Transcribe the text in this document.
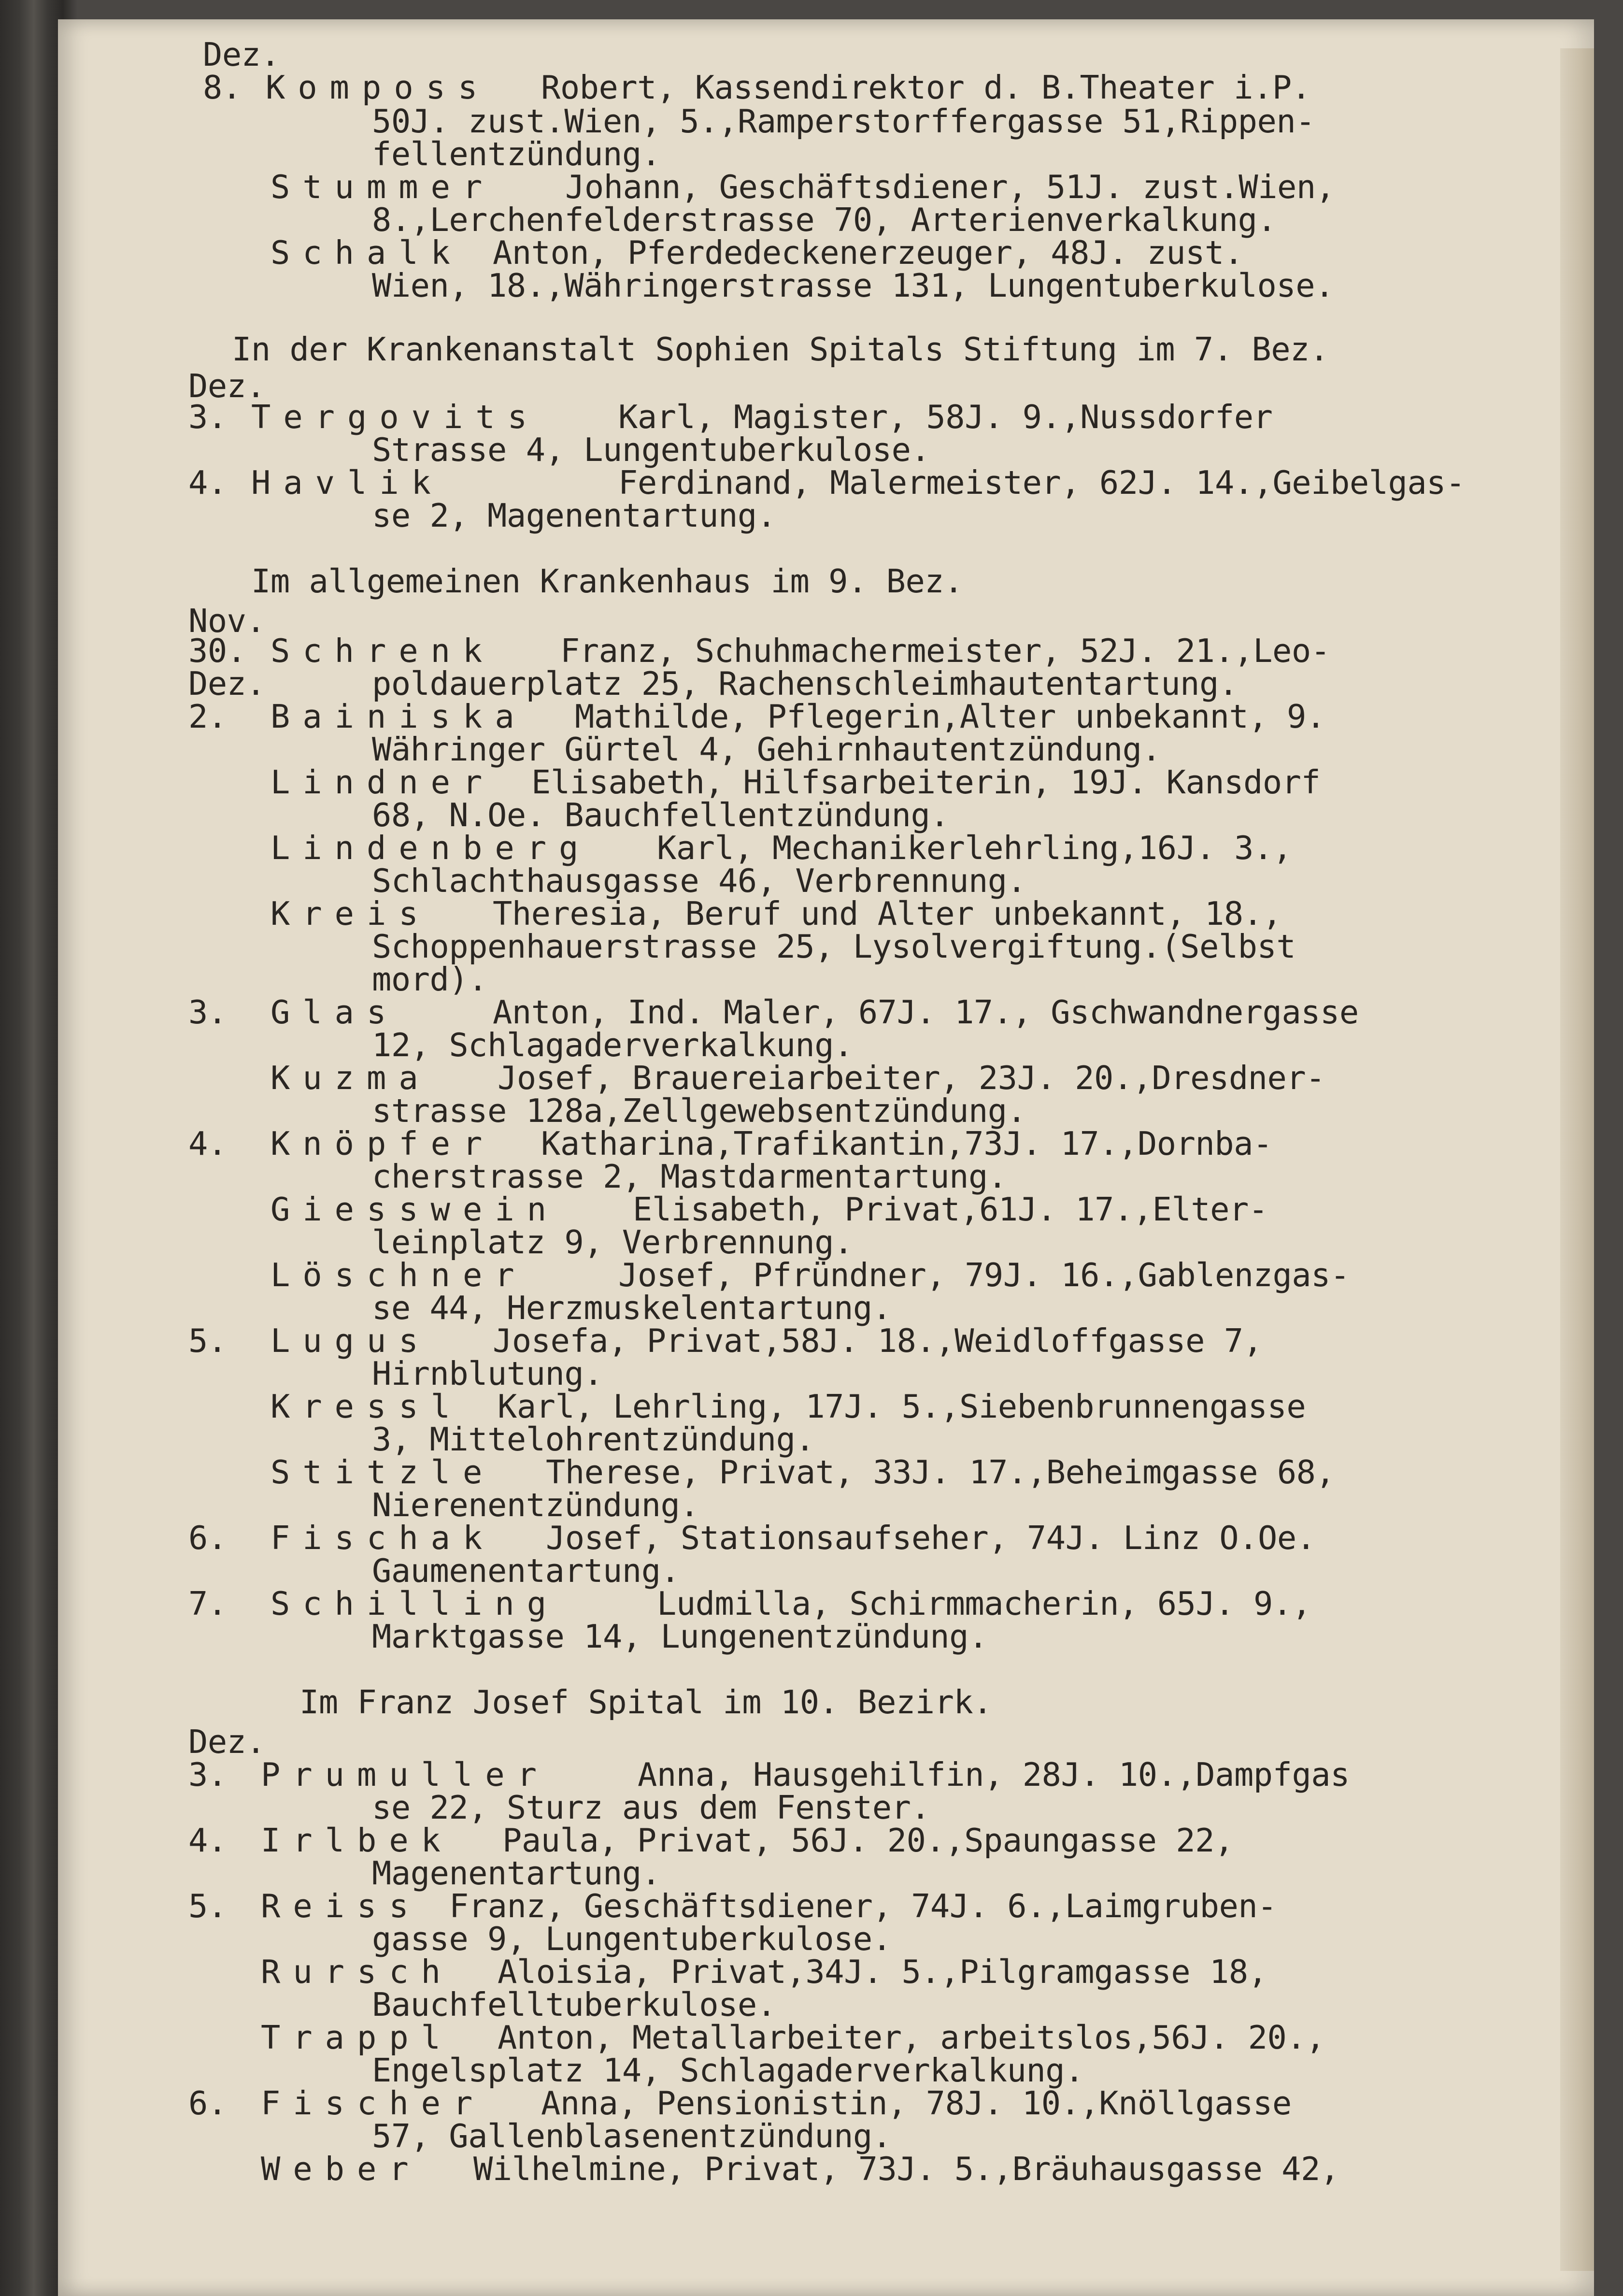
Dez.
8. Komposs Robert, Kassendirektor d. B.Theater i.P.
50J. zust.Wien, 5.,Ramperstorffergasse 51,Rippen-
fellentzündung.
Stummer Johann, Geschäftsdiener, 51J. zust.Wien,
8.,Lerchenfelderstrasse 70, Arterienverkalkung.
Schalk Anton, Pferdedeckenerzeuger, 48J. zust.
Wien, 18.,Währingerstrasse 131, Lungentuberkulose.
In der Krankenanstalt Sophien Spitals Stiftung im 7. Bez.
Dez.
3. Tergovits Karl, Magister, 58J. 9.,Nussdorfer
Strasse 4, Lungentuberkulose.
4. Havlik	Ferdinand, Malermeister, 62J. 14.,Geibelgas-
se 2, Magenentartung.
Im allgemeinen Krankenhaus im 9. Bez.
Nov.
30. Schrenk Franz, Schuhmachermeister, 52J. 21.,Leo-
Dez.	poldauerplatz 25, Rachenschleimhautentartung.
2. Bainiska Mathilde, Pflegerin,Alter unbekannt, 9.
Währinger Gürtel 4, Gehirnhautentzündung.
Lindner Elisabeth, Hilfsarbeiterin, 19J. Kansdorf
68, N.Oe. Bauchfellentzündung.
Lindenberg Karl, Mechanikerlehrling,16J. 3.,
Schlachthausgasse 46, Verbrennung.
Kreis Theresia, Beruf und Alter unbekannt, 18.,
Schoppenhauerstrasse 25, Lysolvergiftung.(Selbst
mord).
3. Glas	Anton, Ind. Maler, 67J. 17., Gschwandnergasse
12, Schlagaderverkalkung.
Kuzma Josef, Brauereiarbeiter, 23J. 20.,Dresdner-
strasse 128a,Zellgewebsentzündung.
4. Knöpfer Katharina,Trafikantin,73J. 17.,Dornba-
cherstrasse 2, Mastdarmentartung.
Giesswein Elisabeth, Privat,61J. 17.,Elter-
leinplatz 9, Verbrennung.
Löschner	Josef, Pfründner, 79J. 16.,Gablenzgas-
se 44, Herzmuskelentartung.
5. Lugus Josefa, Privat,58J. 18.,Weidloffgasse 7,
Hirnblutung.
Kressl Karl, Lehrling, 17J. 5.,Siebenbrunnengasse
3, Mittelohrentzündung.
Stitzle Therese, Privat, 33J. 17.,Beheimgasse 68,
Nierenentzündung.
6. Fischak Josef, Stationsaufseher, 74J. Linz O.Oe.
Gaumenentartung.
7. Schilling	Ludmilla, Schirmmacherin, 65J. 9.,
Marktgasse 14, Lungenentzündung.
Im Franz Josef Spital im 10. Bezirk.
Dez.
3. Prumuller	Anna, Hausgehilfin, 28J. 10.,Dampfgas
se 22, Sturz aus dem Fenster.
4. Irlbek Paula, Privat, 56J. 20.,Spaungasse 22,
Magenentartung.
5. Reiss Franz, Geschäftsdiener, 74J. 6.,Laimgruben-
gasse 9, Lungentuberkulose.
Rursch Aloisia, Privat,34J. 5.,Pilgramgasse 18,
Bauchfelltuberkulose.
Trappl Anton, Metallarbeiter, arbeitslos,56J. 20.,
Engelsplatz 14, Schlagaderverkalkung.
6. Fischer Anna, Pensionistin, 78J. 10.,Knöllgasse
57, Gallenblasenentzündung.
Weber Wilhelmine, Privat, 73J. 5.,Bräuhausgasse 42,
